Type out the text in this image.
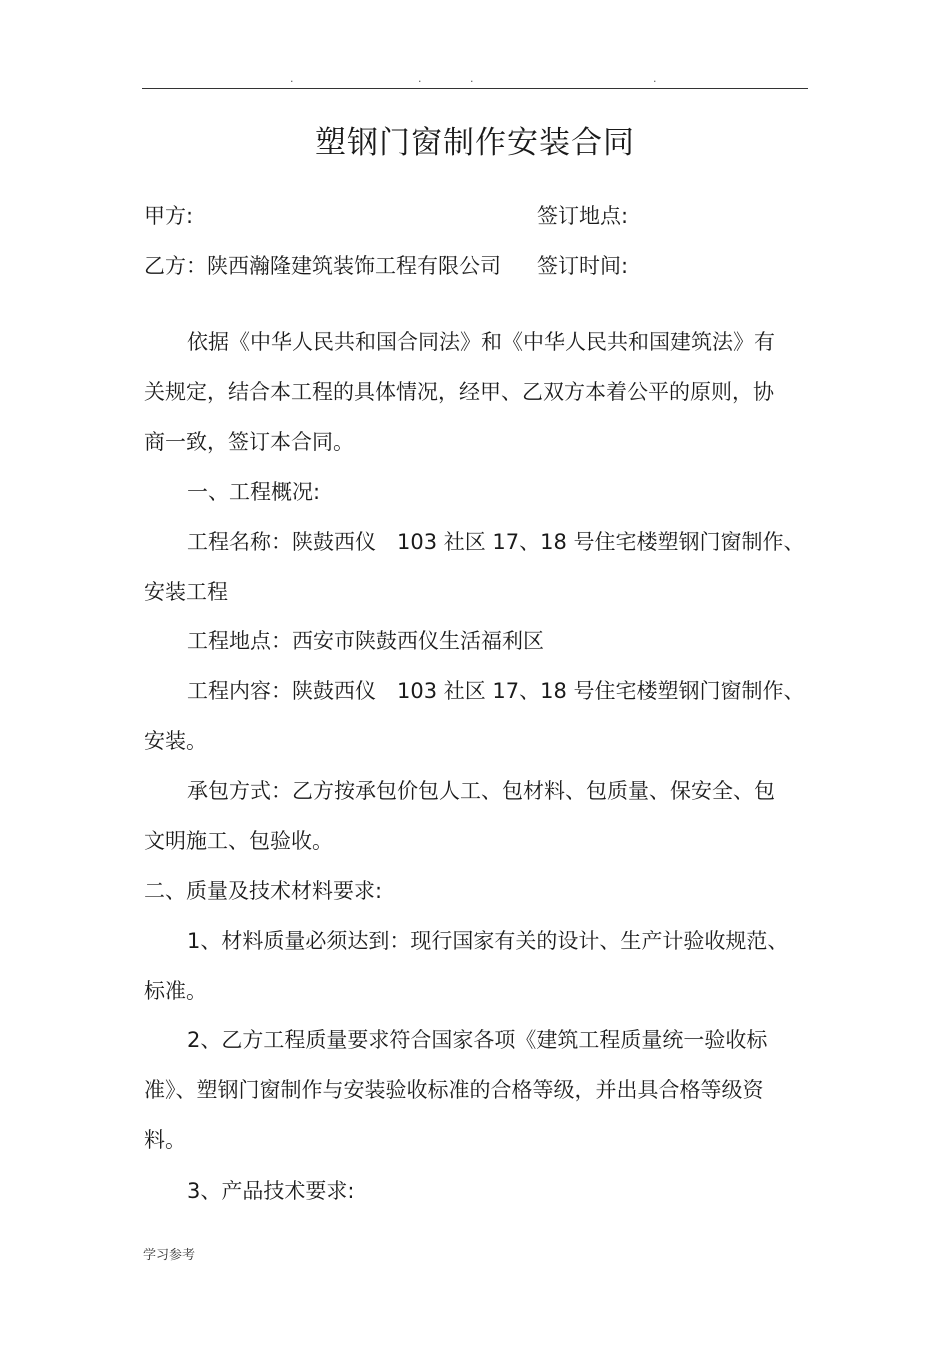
.	.	.	.
塑钢门窗制作安装合同
甲方:	签订地点:
乙方：陕西瀚隆建筑装饰工程有限公司 签订时间:
依据《中华人民共和国合同法》和《中华人民共和国建筑法》有
关规定，结合本工程的具体情况，经甲、乙双方本着公平的原则，协
商一致，签订本合同。
一、工程概况:
工程名称：陕鼓西仪　103 社区 17、18 号住宅楼塑钢门窗制作、
安装工程
工程地点：西安市陕鼓西仪生活福利区
工程内容：陕鼓西仪　103 社区 17、18 号住宅楼塑钢门窗制作、
安装。
承包方式：乙方按承包价包人工、包材料、包质量、保安全、包
文明施工、包验收。
二、质量及技术材料要求:
1、材料质量必须达到：现行国家有关的设计、生产计验收规范、
标准。
2、乙方工程质量要求符合国家各项《建筑工程质量统一验收标
准》、塑钢门窗制作与安装验收标准的合格等级，并出具合格等级资
料。
3、产品技术要求:
学习参考
